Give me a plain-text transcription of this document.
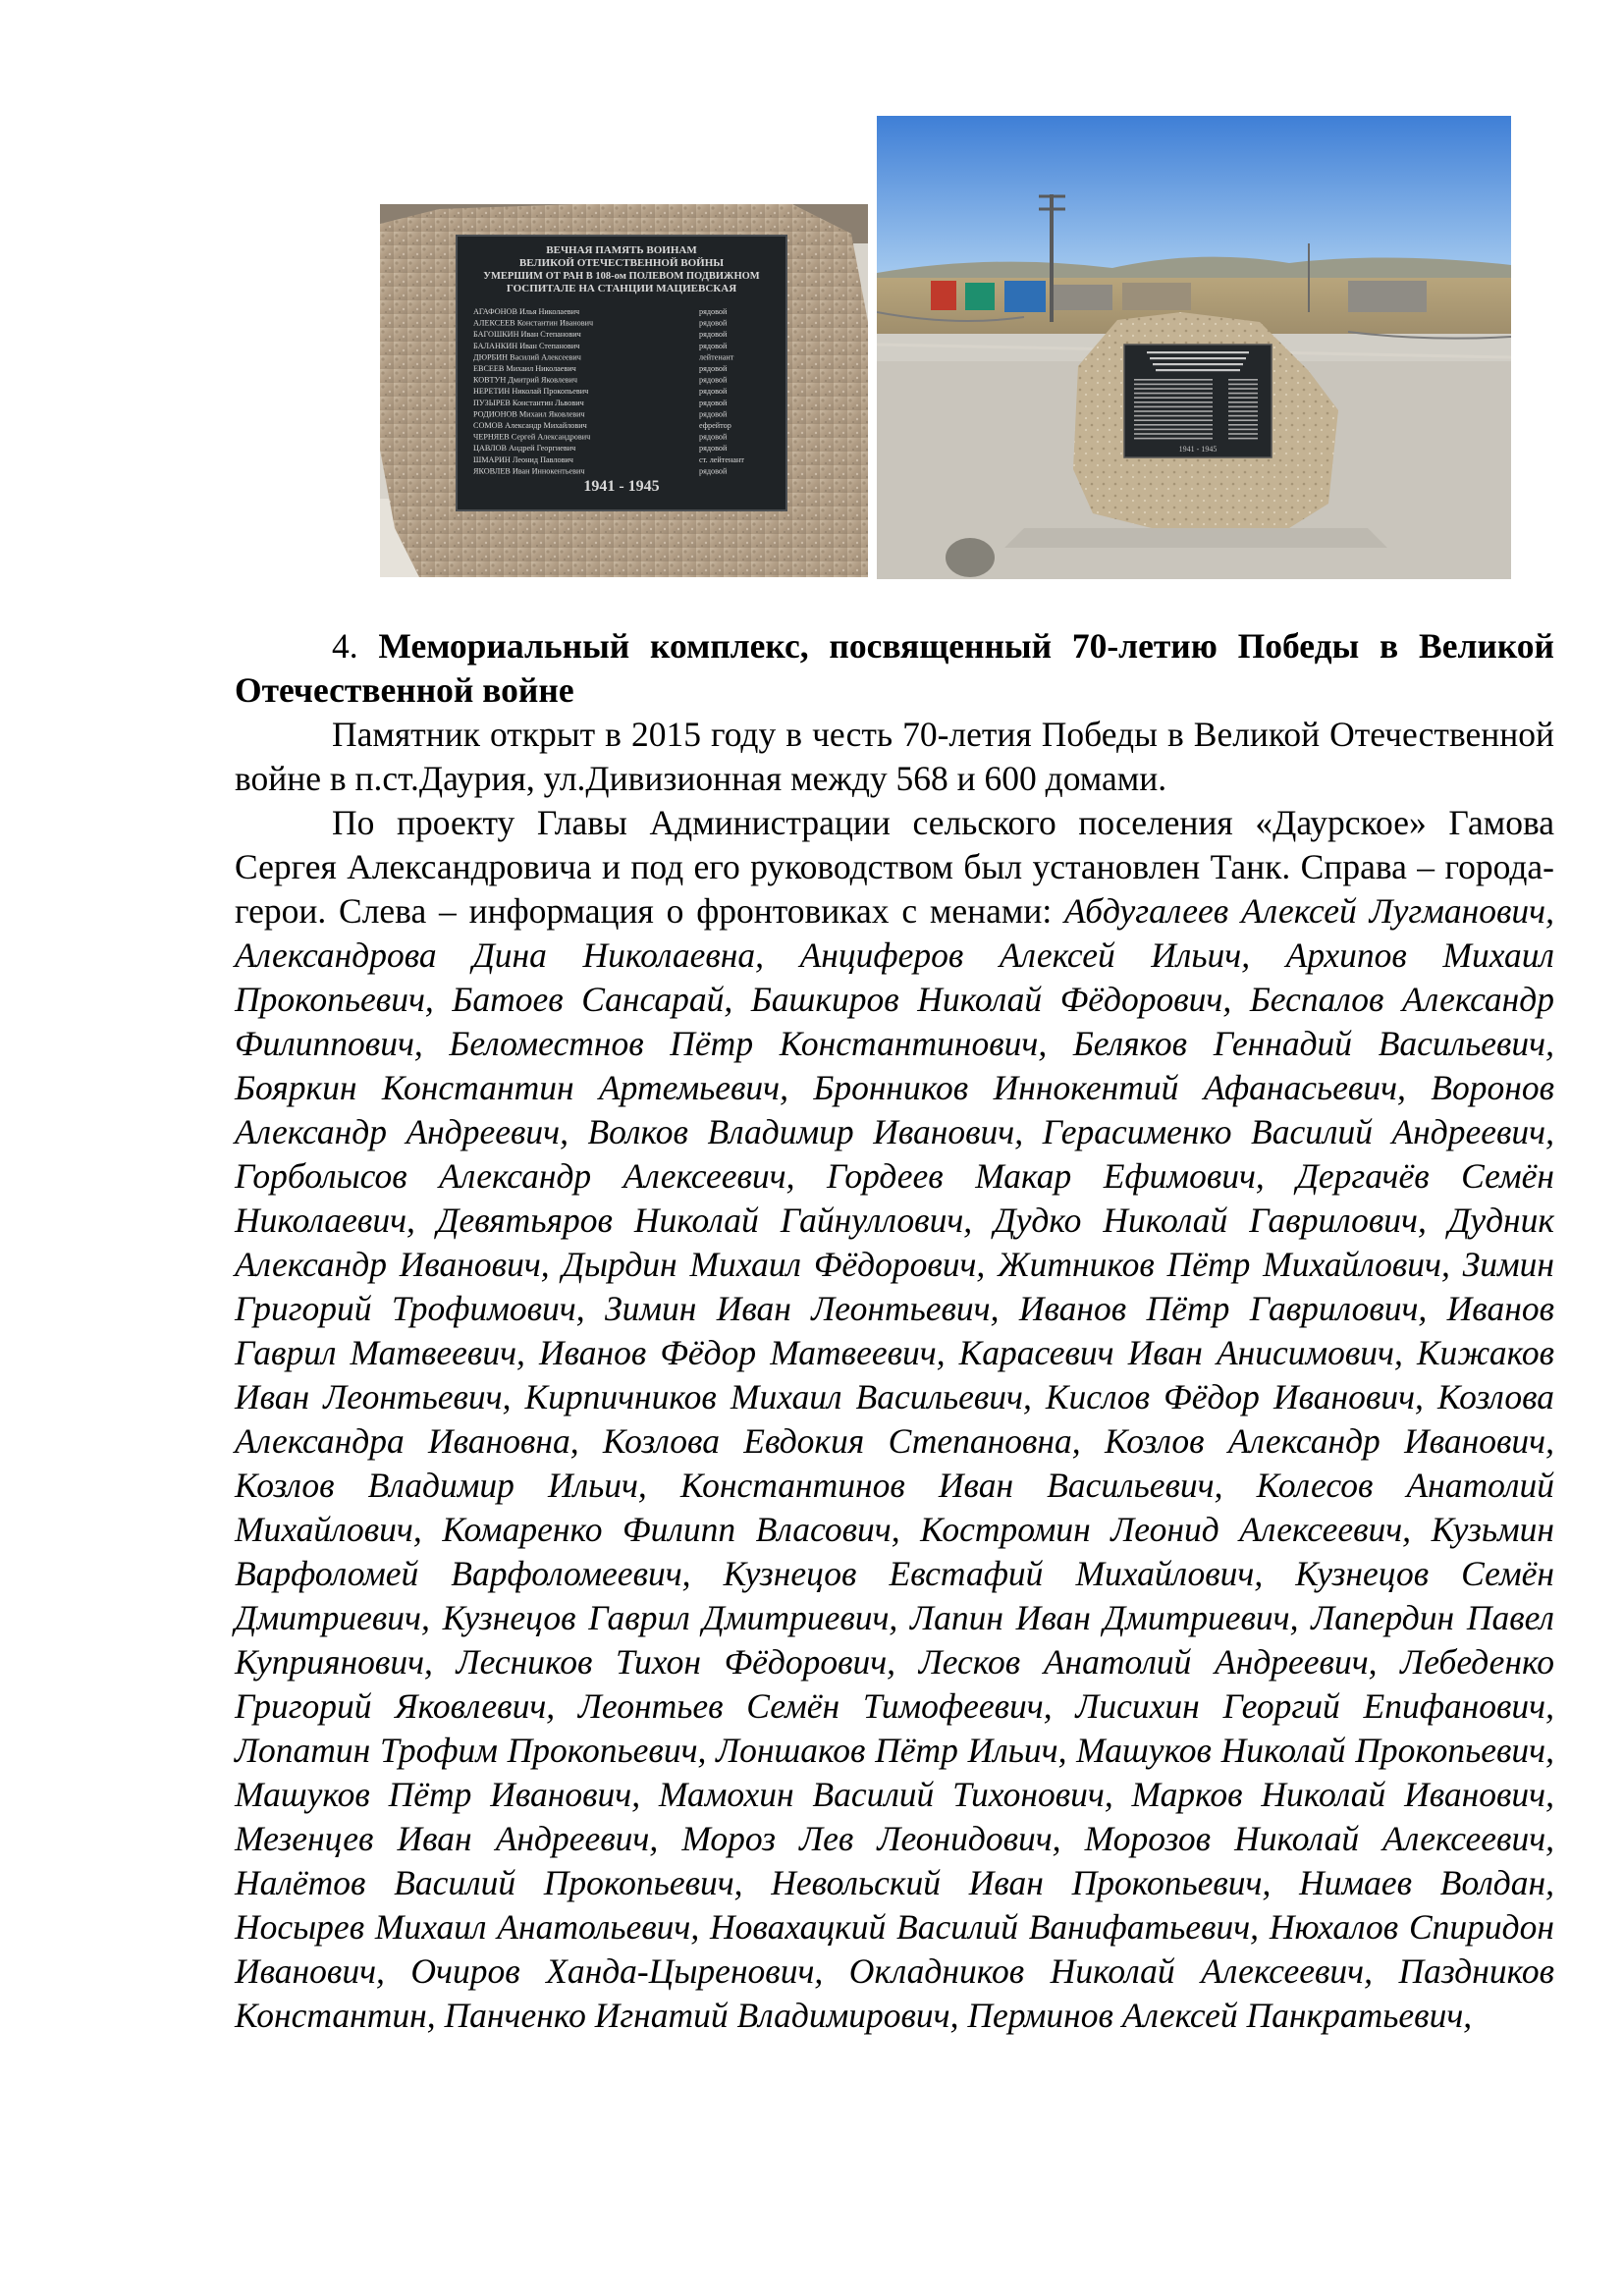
ВЕЧНАЯ ПАМЯТЬ ВОИНАМ
ВЕЛИКОЙ ОТЕЧЕСТВЕННОЙ ВОЙНЫ
УМЕРШИМ ОТ РАН В 108-ом ПОЛЕВОМ ПОДВИЖНОМ
ГОСПИТАЛЕ НА СТАНЦИИ МАЦИЕВСКАЯ
АГАФОНОВ Илья Николаевич	рядовой
АЛЕКСЕЕВ Константин Иванович	рядовой
БАГОШКИН Иван Степанович	рядовой
БАЛАНКИН Иван Степанович	рядовой
ДЮРБИН Василий Алексеевич	лейтенант
ЕВСЕЕВ Михаил Николаевич	рядовой
КОВТУН Дмитрий Яковлевич	рядовой
НЕРЕТИН Николай Прокопьевич	рядовой
ПУЗЫРЕВ Константин Львович	рядовой
РОДИОНОВ Михаил Яковлевич	рядовой
СОМОВ Александр Михайлович	ефрейтор
ЧЕРНЯЕВ Сергей Александрович	рядовой
ЦАВЛОВ Андрей Георгиевич	рядовой
ШМАРИН Леонид Павлович	ст. лейтенант
ЯКОВЛЕВ Иван Иннокентьевич	рядовой
1941 - 1945
1941 - 1945

4. Мемориальный комплекс, посвященный 70-летию Победы в Великой Отечественной войне

Памятник открыт в 2015 году в честь 70-летия Победы в Великой Отечественной войне в п.ст.Даурия, ул.Дивизионная между 568 и 600 домами.

По проекту Главы Администрации сельского поселения «Даурское» Гамова Сергея Александровича и под его руководством был установлен Танк. Справа – города-герои. Слева – информация о фронтовиках с менами: Абдугалеев Алексей Лугманович, Александрова Дина Николаевна, Анциферов Алексей Ильич, Архипов Михаил Прокопьевич, Батоев Сансарай, Башкиров Николай Фёдорович, Беспалов Александр Филиппович, Беломестнов Пётр Константинович, Беляков Геннадий Васильевич, Бояркин Константин Артемьевич, Бронников Иннокентий Афанасьевич, Воронов Александр Андреевич, Волков Владимир Иванович, Герасименко Василий Андреевич, Горболысов Александр Алексеевич, Гордеев Макар Ефимович, Дергачёв Семён Николаевич, Девятьяров Николай Гайнуллович, Дудко Николай Гаврилович, Дудник Александр Иванович, Дырдин Михаил Фёдорович, Житников Пётр Михайлович, Зимин Григорий Трофимович, Зимин Иван Леонтьевич, Иванов Пётр Гаврилович, Иванов Гаврил Матвеевич, Иванов Фёдор Матвеевич, Карасевич Иван Анисимович, Кижаков Иван Леонтьевич, Кирпичников Михаил Васильевич, Кислов Фёдор Иванович, Козлова Александра Ивановна, Козлова Евдокия Степановна, Козлов Александр Иванович, Козлов Владимир Ильич, Константинов Иван Васильевич, Колесов Анатолий Михайлович, Комаренко Филипп Власович, Костромин Леонид Алексеевич, Кузьмин Варфоломей Варфоломеевич, Кузнецов Евстафий Михайлович, Кузнецов Семён Дмитриевич, Кузнецов Гаврил Дмитриевич, Лапин Иван Дмитриевич, Лапердин Павел Куприянович, Лесников Тихон Фёдорович, Лесков Анатолий Андреевич, Лебеденко Григорий Яковлевич, Леонтьев Семён Тимофеевич, Лисихин Георгий Епифанович, Лопатин Трофим Прокопьевич, Лоншаков Пётр Ильич, Машуков Николай Прокопьевич, Машуков Пётр Иванович, Мамохин Василий Тихонович, Марков Николай Иванович, Мезенцев Иван Андреевич, Мороз Лев Леонидович, Морозов Николай Алексеевич, Налётов Василий Прокопьевич, Невольский Иван Прокопьевич, Нимаев Волдан, Носырев Михаил Анатольевич, Новахацкий Василий Ванифатьевич, Нюхалов Спиридон Иванович, Очиров Ханда-Цыренович, Окладников Николай Алексеевич, Паздников Константин, Панченко Игнатий Владимирович, Перминов Алексей Панкратьевич,
